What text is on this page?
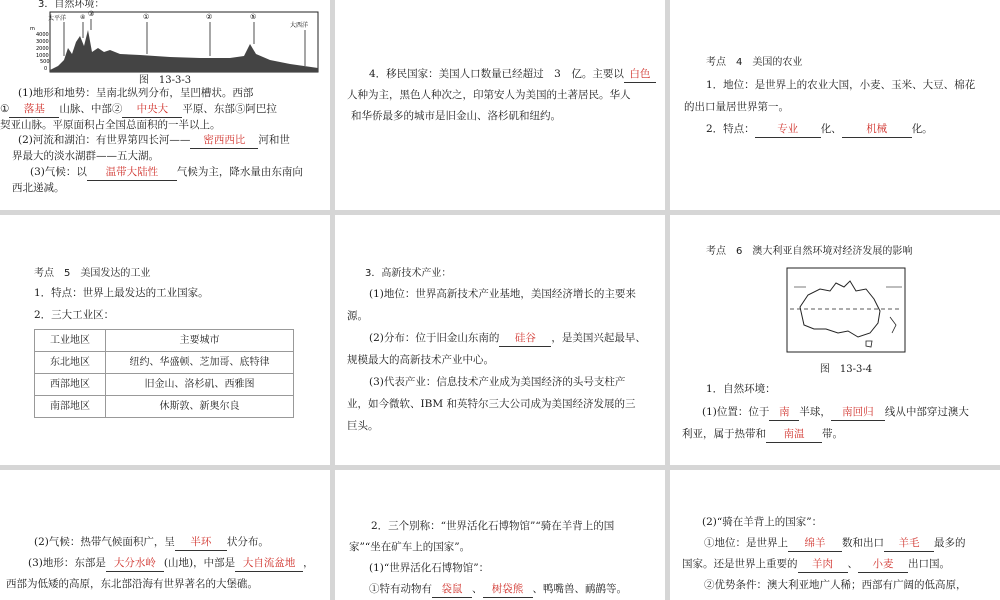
3．自然环境：
m
4000
3000
2000
1000
500
0
太平洋 ④ ③	①	②	⑤
大西洋
图　13-3-3

(1)地形和地势：呈南北纵列分布，呈凹槽状。西部

① 落基 山脉、中部② 中央大 平原、东部⑤阿巴拉

契亚山脉。平原面积占全国总面积的一半以上。

(2)河流和湖泊：有世界第四长河—— 密西西比 河和世

界最大的淡水湖群——五大湖。

(3)气候：以 温带大陆性 气候为主，降水量由东南向

西北递减。

4．移民国家：美国人口数量已经超过　3　亿。主要以 白色

人种为主，黑色人种次之，印第安人为美国的土著居民。华人

和华侨最多的城市是旧金山、洛杉矶和纽约。

考点　4　美国的农业

1．地位：是世界上的农业大国，小麦、玉米、大豆、棉花

的出口量居世界第一。

2．特点： 专业 化、 机械 化。

考点　5　美国发达的工业

1．特点：世界上最发达的工业国家。

2．三大工业区：

工业地区	主要城市
东北地区	纽约、华盛顿、芝加哥、底特律
西部地区	旧金山、洛杉矶、西雅图
南部地区	休斯敦、新奥尔良
3．高新技术产业：

(1)地位：世界高新技术产业基地，美国经济增长的主要来

源。

(2)分布：位于旧金山东南的 硅谷 ，是美国兴起最早、

规模最大的高新技术产业中心。

(3)代表产业：信息技术产业成为美国经济的头号支柱产

业，如今微软、IBM 和英特尔三大公司成为美国经济发展的三

巨头。

考点　6　澳大利亚自然环境对经济发展的影响
图　13-3-4

1．自然环境：

(1)位置：位于 南 半球， 南回归 线从中部穿过澳大

利亚，属于热带和 南温 带。

(2)气候：热带气候面积广，呈 半环 状分布。

(3)地形：东部是 大分水岭 (山地)，中部是 大自流盆地 ，

西部为低矮的高原，东北部沿海有世界著名的大堡礁。

2．三个别称：“世界活化石博物馆”“骑在羊背上的国

家”“坐在矿车上的国家”。

(1)“世界活化石博物馆”：

①特有动物有 袋鼠 、 树袋熊 、鸭嘴兽、鸸鹋等。

(2)“骑在羊背上的国家”：

①地位：是世界上 绵羊 数和出口 羊毛 最多的

国家。还是世界上重要的 羊肉 、 小麦 出口国。

②优势条件：澳大利亚地广人稀；西部有广阔的低高原，
